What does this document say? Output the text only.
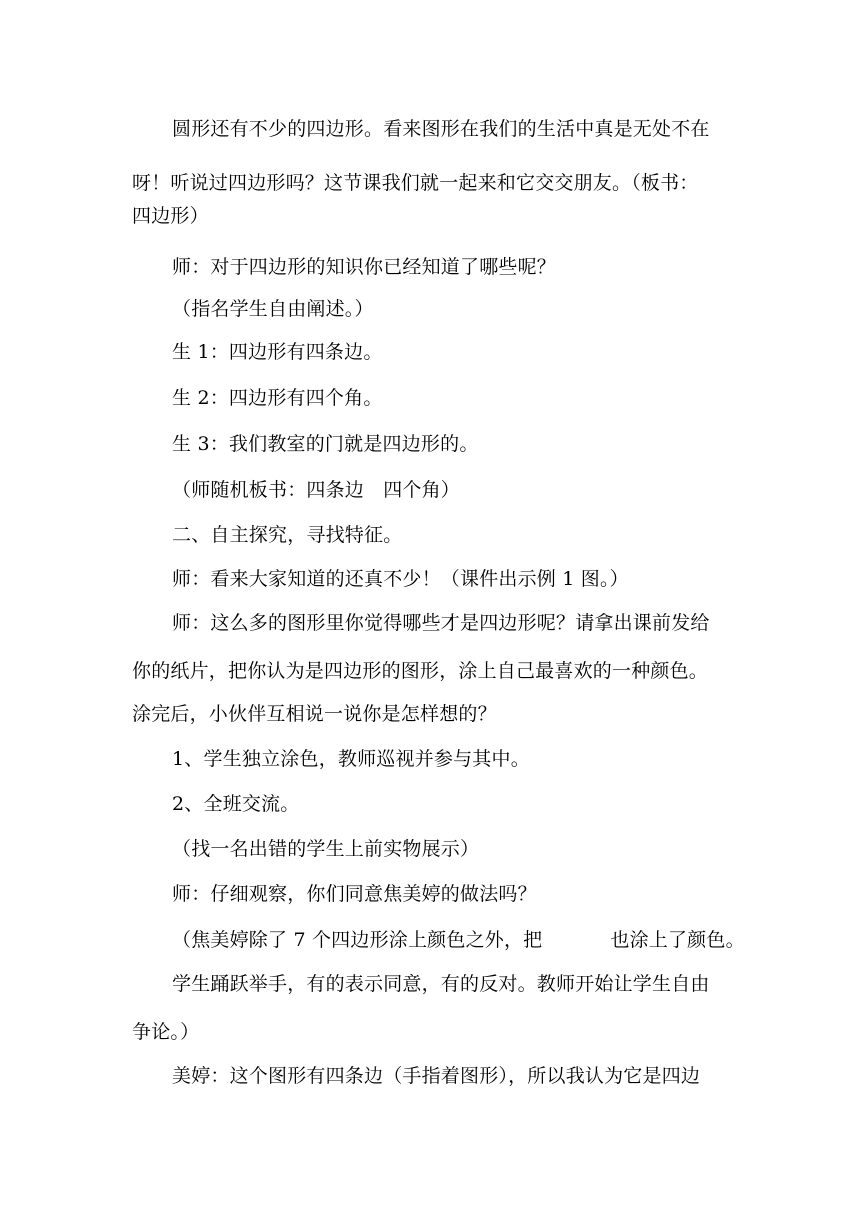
圆形还有不少的四边形。看来图形在我们的生活中真是无处不在
呀！听说过四边形吗？这节课我们就一起来和它交交朋友。（板书：
四边形）
师：对于四边形的知识你已经知道了哪些呢？
（指名学生自由阐述。）
生 1：四边形有四条边。
生 2：四边形有四个角。
生 3：我们教室的门就是四边形的。
（师随机板书：四条边　四个角）
二、自主探究，寻找特征。
师：看来大家知道的还真不少！（课件出示例 1 图。）
师：这么多的图形里你觉得哪些才是四边形呢？请拿出课前发给
你的纸片，把你认为是四边形的图形，涂上自己最喜欢的一种颜色。
涂完后，小伙伴互相说一说你是怎样想的？
1、学生独立涂色，教师巡视并参与其中。
2、全班交流。
（找一名出错的学生上前实物展示）
师：仔细观察，你们同意焦美婷的做法吗？
（焦美婷除了 7 个四边形涂上颜色之外，把	也涂上了颜色。
学生踊跃举手，有的表示同意，有的反对。教师开始让学生自由
争论。）
美婷：这个图形有四条边（手指着图形），所以我认为它是四边
